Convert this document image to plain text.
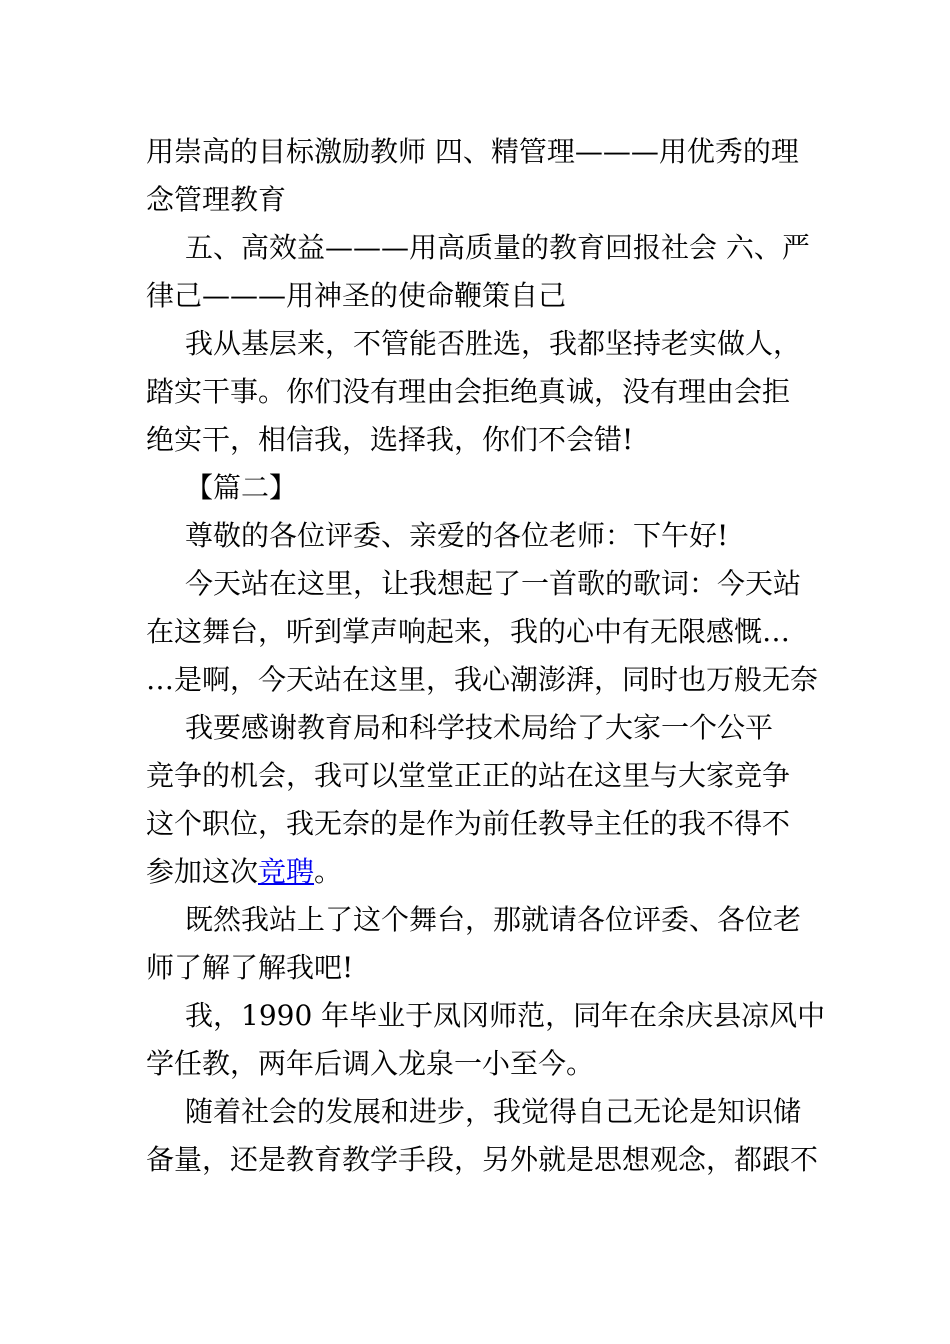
用崇高的目标激励教师 四、精管理———用优秀的理
念管理教育
五、高效益———用高质量的教育回报社会 六、严
律己———用神圣的使命鞭策自己
我从基层来，不管能否胜选，我都坚持老实做人，
踏实干事。你们没有理由会拒绝真诚，没有理由会拒
绝实干，相信我，选择我，你们不会错!
【篇二】
尊敬的各位评委、亲爱的各位老师：下午好!
今天站在这里，让我想起了一首歌的歌词：今天站
在这舞台，听到掌声响起来，我的心中有无限感慨…
…是啊，今天站在这里，我心潮澎湃，同时也万般无奈
我要感谢教育局和科学技术局给了大家一个公平
竞争的机会，我可以堂堂正正的站在这里与大家竞争
这个职位，我无奈的是作为前任教导主任的我不得不
参加这次竞聘。
既然我站上了这个舞台，那就请各位评委、各位老
师了解了解我吧!
我，1990 年毕业于凤冈师范，同年在余庆县凉风中
学任教，两年后调入龙泉一小至今。
随着社会的发展和进步，我觉得自己无论是知识储
备量，还是教育教学手段，另外就是思想观念，都跟不
